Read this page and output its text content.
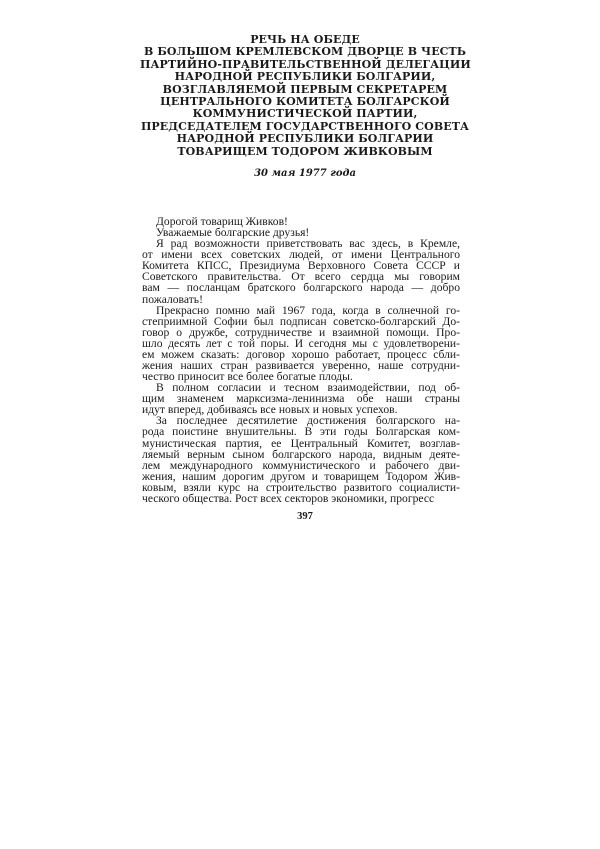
РЕЧЬ НА ОБЕДЕ
В БОЛЬШОМ КРЕМЛЕВСКОМ ДВОРЦЕ В ЧЕСТЬ
ПАРТИЙНО-ПРАВИТЕЛЬСТВЕННОЙ ДЕЛЕГАЦИИ
НАРОДНОЙ РЕСПУБЛИКИ БОЛГАРИИ,
ВОЗГЛАВЛЯЕМОЙ ПЕРВЫМ СЕКРЕТАРЕМ
ЦЕНТРАЛЬНОГО КОМИТЕТА БОЛГАРСКОЙ
КОММУНИСТИЧЕСКОЙ ПАРТИИ,
ПРЕДСЕДАТЕЛЕМ ГОСУДАРСТВЕННОГО СОВЕТА
НАРОДНОЙ РЕСПУБЛИКИ БОЛГАРИИ
ТОВАРИЩЕМ ТОДОРОМ ЖИВКОВЫМ
30 мая 1977 года
Дорогой товарищ Живков!
Уважаемые болгарские друзья!
Я рад возможности приветствовать вас здесь, в Кремле,
от имени всех советских людей, от имени Центрального
Комитета КПСС, Президиума Верховного Совета СССР и
Советского правительства. От всего сердца мы говорим
вам — посланцам братского болгарского народа — добро
пожаловать!
Прекрасно помню май 1967 года, когда в солнечной го-
степриимной Софии был подписан советско-болгарский До-
говор о дружбе, сотрудничестве и взаимной помощи. Про-
шло десять лет с той поры. И сегодня мы с удовлетворени-
ем можем сказать: договор хорошо работает, процесс сбли-
жения наших стран развивается уверенно, наше сотрудни-
чество приносит все более богатые плоды.
В полном согласии и тесном взаимодействии, под об-
щим знаменем марксизма-ленинизма обе наши страны
идут вперед, добиваясь все новых и новых успехов.
За последнее десятилетие достижения болгарского на-
рода поистине внушительны. В эти годы Болгарская ком-
мунистическая партия, ее Центральный Комитет, возглав-
ляемый верным сыном болгарского народа, видным деяте-
лем международного коммунистического и рабочего дви-
жения, нашим дорогим другом и товарищем Тодором Жив-
ковым, взяли курс на строительство развитого социалисти-
ческого общества. Рост всех секторов экономики, прогресс
397
